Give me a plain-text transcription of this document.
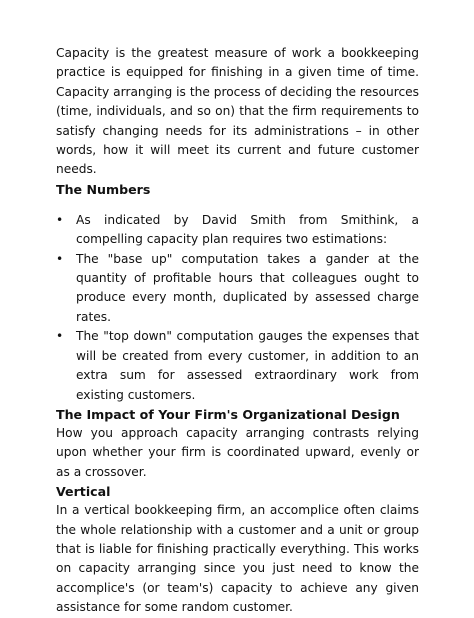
Capacity is the greatest measure of work a bookkeeping practice is equipped for finishing in a given time of time. Capacity arranging is the process of deciding the resources (time, individuals, and so on) that the firm requirements to satisfy changing needs for its administrations – in other words, how it will meet its current and future customer needs.

The Numbers
• As indicated by David Smith from Smithink, a compelling capacity plan requires two estimations:

• The "base up" computation takes a gander at the quantity of profitable hours that colleagues ought to produce every month, duplicated by assessed charge rates.

• The "top down" computation gauges the expenses that will be created from every customer, in addition to an extra sum for assessed extraordinary work from existing customers.

The Impact of Your Firm's Organizational Design

How you approach capacity arranging contrasts relying upon whether your firm is coordinated upward, evenly or as a crossover.

Vertical

In a vertical bookkeeping firm, an accomplice often claims the whole relationship with a customer and a unit or group that is liable for finishing practically everything. This works on capacity arranging since you just need to know the accomplice's (or team's) capacity to achieve any given assistance for some random customer.
